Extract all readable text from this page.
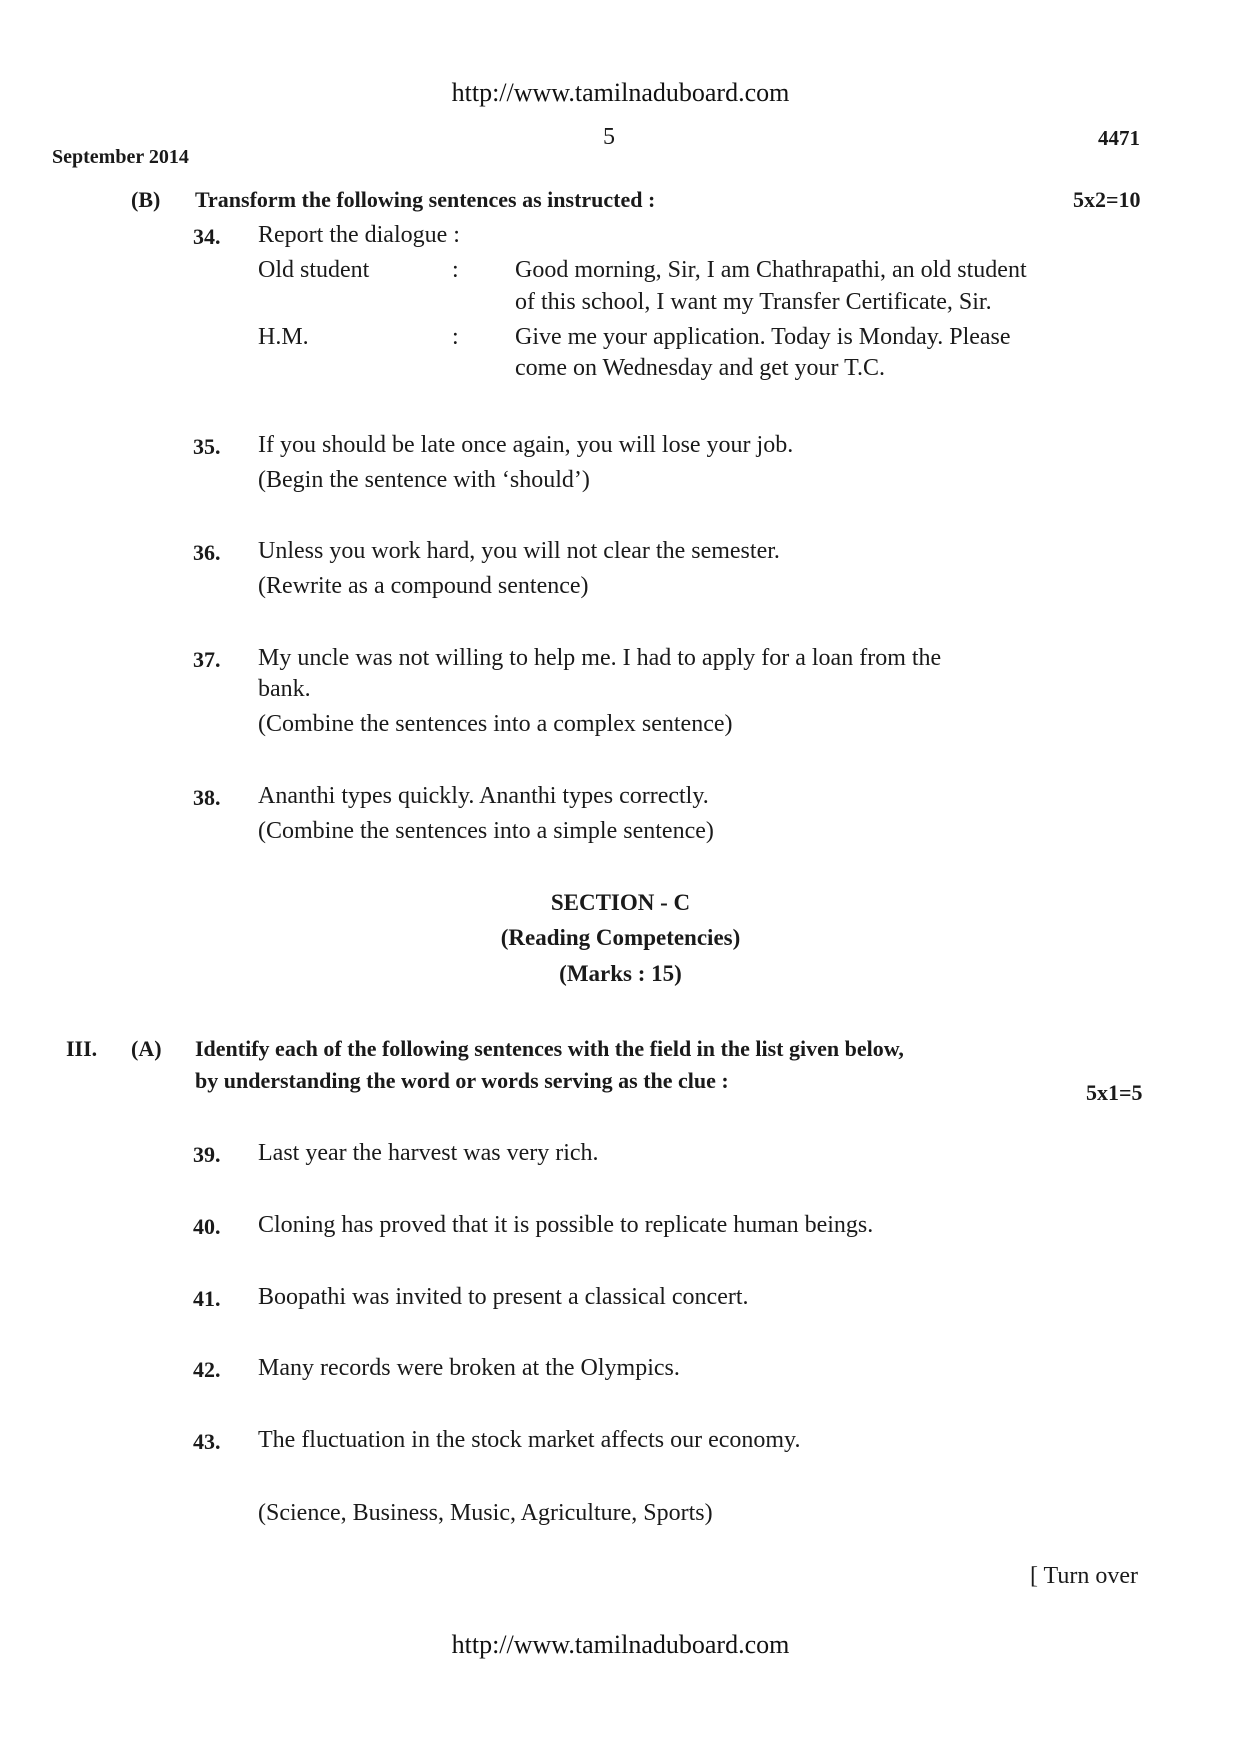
http://www.tamilnaduboard.com
5	4471
September 2014
(B) Transform the following sentences as instructed :	5x2=10
34. Report the dialogue :
Old student	: Good morning, Sir, I am Chathrapathi, an old student
of this school, I want my Transfer Certificate, Sir.
H.M.	: Give me your application. Today is Monday. Please
come on Wednesday and get your T.C.
35. If you should be late once again, you will lose your job.
(Begin the sentence with ‘should’)
36. Unless you work hard, you will not clear the semester.
(Rewrite as a compound sentence)
37. My uncle was not willing to help me. I had to apply for a loan from the
bank.
(Combine the sentences into a complex sentence)
38. Ananthi types quickly. Ananthi types correctly.
(Combine the sentences into a simple sentence)
SECTION - C
(Reading Competencies)
(Marks : 15)
III. (A) Identify each of the following sentences with the field in the list given below,
by understanding the word or words serving as the clue :	5x1=5
39. Last year the harvest was very rich.
40. Cloning has proved that it is possible to replicate human beings.
41. Boopathi was invited to present a classical concert.
42. Many records were broken at the Olympics.
43. The fluctuation in the stock market affects our economy.
(Science, Business, Music, Agriculture, Sports)
[ Turn over
http://www.tamilnaduboard.com
